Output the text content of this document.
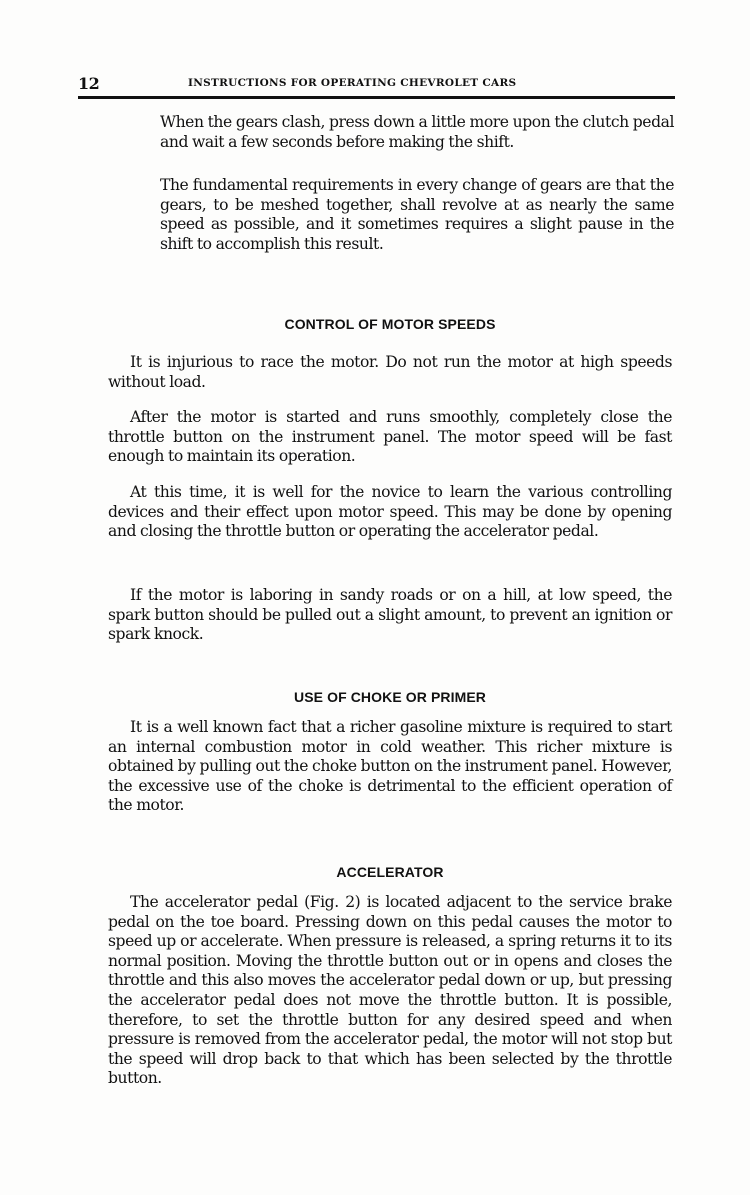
12	INSTRUCTIONS FOR OPERATING CHEVROLET CARS

When the gears clash, press down a little more upon the clutch pedal and wait a few seconds before making the shift.

The fundamental requirements in every change of gears are that the gears, to be meshed together, shall revolve at as nearly the same speed as possible, and it sometimes requires a slight pause in the shift to accomplish this result.

CONTROL OF MOTOR SPEEDS

It is injurious to race the motor. Do not run the motor at high speeds without load.

After the motor is started and runs smoothly, completely close the throttle button on the instrument panel. The motor speed will be fast enough to maintain its operation.

At this time, it is well for the novice to learn the various controlling devices and their effect upon motor speed. This may be done by opening and closing the throttle button or operating the accelerator pedal.

If the motor is laboring in sandy roads or on a hill, at low speed, the spark button should be pulled out a slight amount, to prevent an ignition or spark knock.

USE OF CHOKE OR PRIMER

It is a well known fact that a richer gasoline mixture is required to start an internal combustion motor in cold weather. This richer mixture is obtained by pulling out the choke button on the instrument panel. However, the excessive use of the choke is detrimental to the efficient operation of the motor.

ACCELERATOR

The accelerator pedal (Fig. 2) is located adjacent to the service brake pedal on the toe board. Pressing down on this pedal causes the motor to speed up or accelerate. When pressure is released, a spring returns it to its normal position. Moving the throttle button out or in opens and closes the throttle and this also moves the accelerator pedal down or up, but pressing the accelerator pedal does not move the throttle button. It is possible, therefore, to set the throttle button for any desired speed and when pressure is removed from the accelerator pedal, the motor will not stop but the speed will drop back to that which has been selected by the throttle button.
